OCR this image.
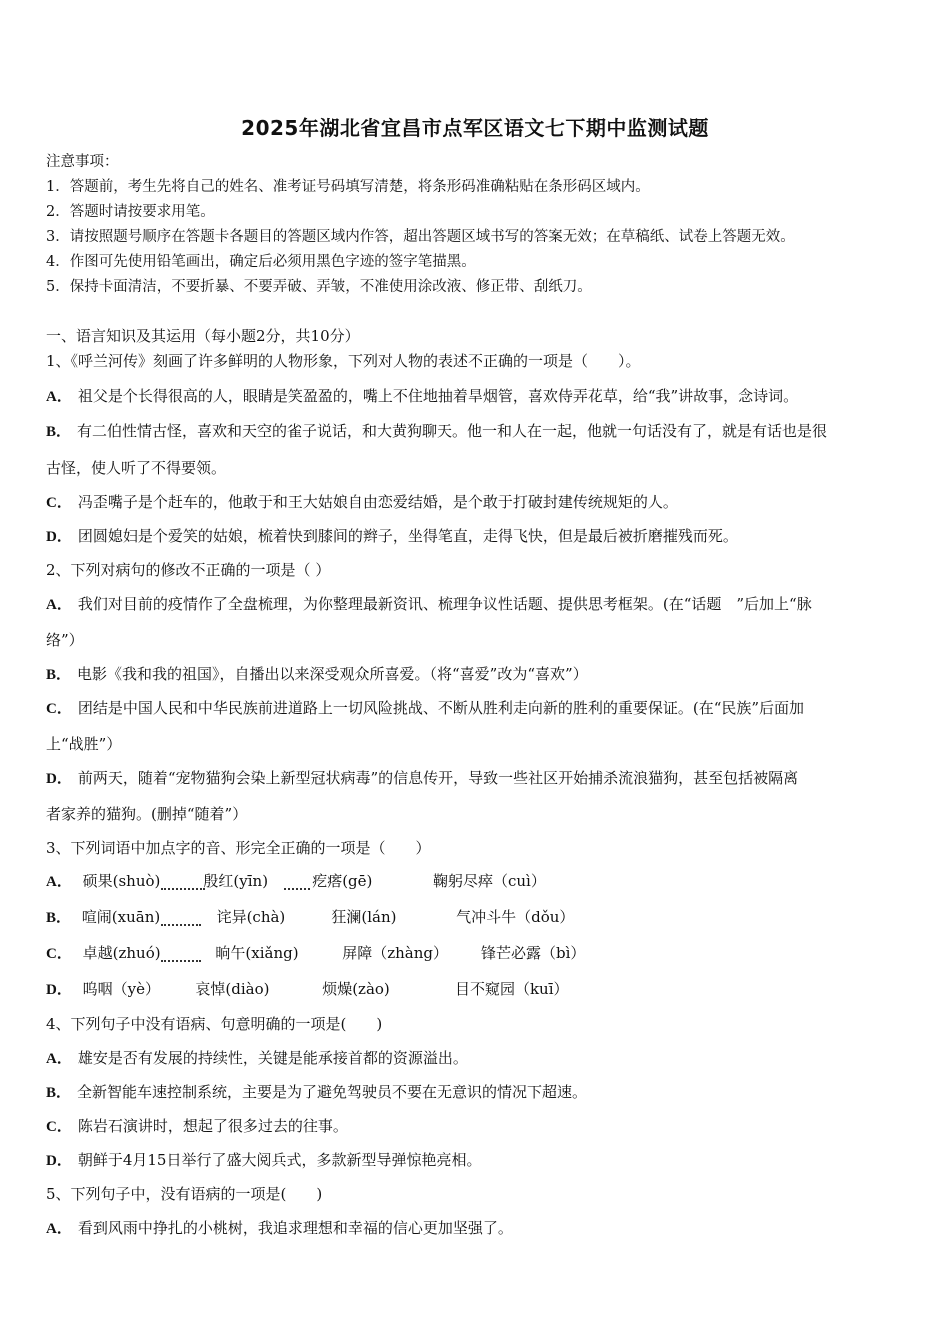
2025年湖北省宜昌市点军区语文七下期中监测试题
注意事项：
1．答题前，考生先将自己的姓名、准考证号码填写清楚，将条形码准确粘贴在条形码区域内。
2．答题时请按要求用笔。
3．请按照题号顺序在答题卡各题目的答题区域内作答，超出答题区域书写的答案无效；在草稿纸、试卷上答题无效。
4．作图可先使用铅笔画出，确定后必须用黑色字迹的签字笔描黑。
5．保持卡面清洁，不要折暴、不要弄破、弄皱，不准使用涂改液、修正带、刮纸刀。
一、语言知识及其运用（每小题2分，共10分）
1、《呼兰河传》刻画了许多鲜明的人物形象，下列对人物的表述不正确的一项是（　　）。
A． 祖父是个长得很高的人，眼睛是笑盈盈的，嘴上不住地抽着旱烟管，喜欢侍弄花草，给“我”讲故事，念诗词。
B． 有二伯性情古怪，喜欢和天空的雀子说话，和大黄狗聊天。他一和人在一起，他就一句话没有了，就是有话也是很
古怪，使人听了不得要领。
C． 冯歪嘴子是个赶车的，他敢于和王大姑娘自由恋爱结婚，是个敢于打破封建传统规矩的人。
D． 团圆媳妇是个爱笑的姑娘，梳着快到膝间的辫子，坐得笔直，走得飞快，但是最后被折磨摧残而死。
2、下列对病句的修改不正确的一项是（ ）
A． 我们对目前的疫情作了全盘梳理，为你整理最新资讯、梳理争议性话题、提供思考框架。(在“话题　”后加上“脉
络”）
B． 电影《我和我的祖国》，自播出以来深受观众所喜爱。（将“喜爱”改为“喜欢”）
C． 团结是中国人民和中华民族前进道路上一切风险挑战、不断从胜利走向新的胜利的重要保证。(在“民族”后面加
上“战胜”）
D． 前两天，随着“宠物猫狗会染上新型冠状病毒”的信息传开，导致一些社区开始捕杀流浪猫狗，甚至包括被隔离
者家养的猫狗。(删掉“随着”）
3、下列词语中加点字的音、形完全正确的一项是（　　）
A． 硕果(shuò)	殷红(yīn)	疙瘩(gē)	鞠躬尽瘁（cuì）
B． 喧闹(xuān)	诧异(chà)	狂澜(lán)	气冲斗牛（dǒu）
C． 卓越(zhuó)	晌午(xiǎng)	屏障（zhàng） 锋芒必露（bì）
D． 呜咽（yè） 哀悼(diào)	烦燥(zào)	目不窥园（kuī）
4、下列句子中没有语病、句意明确的一项是(　　)
A． 雄安是否有发展的持续性，关键是能承接首都的资源溢出。
B． 全新智能车速控制系统，主要是为了避免驾驶员不要在无意识的情况下超速。
C． 陈岩石演讲时，想起了很多过去的往事。
D． 朝鲜于4月15日举行了盛大阅兵式，多款新型导弹惊艳亮相。
5、下列句子中，没有语病的一项是(　　)
A． 看到风雨中挣扎的小桃树，我追求理想和幸福的信心更加坚强了。
